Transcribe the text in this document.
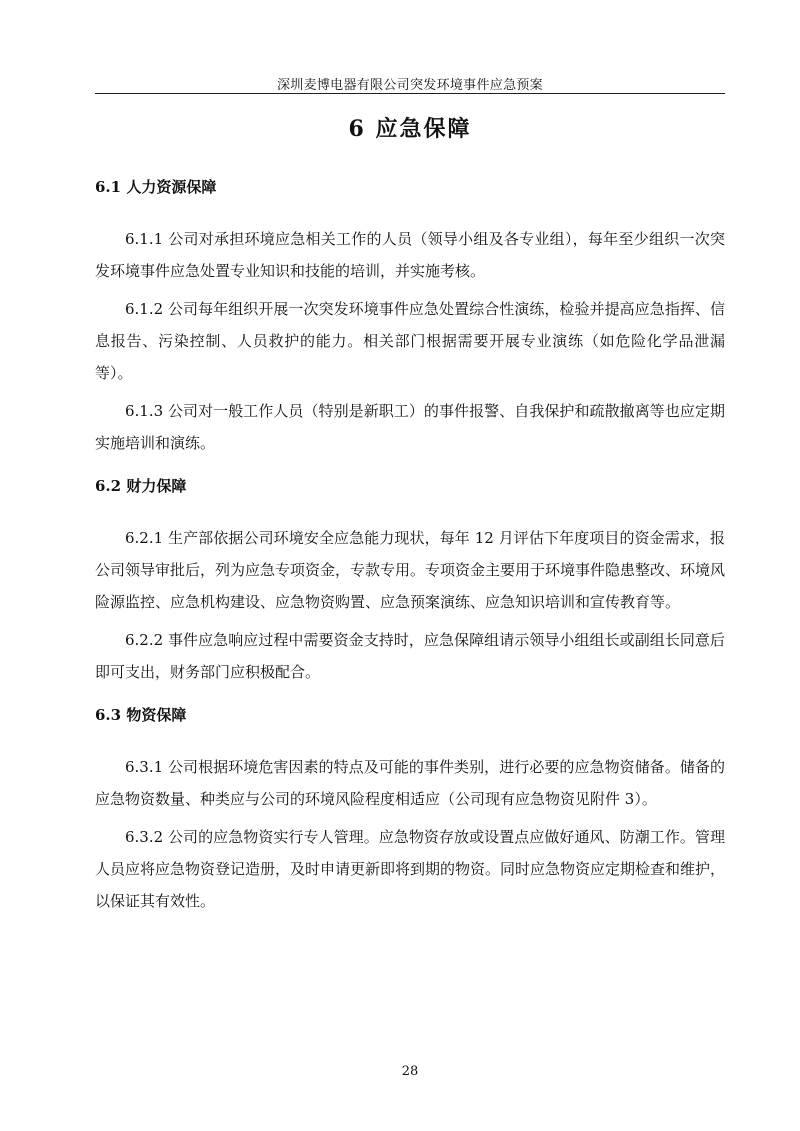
深圳麦博电器有限公司突发环境事件应急预案
6 应急保障
6.1 人力资源保障

6.1.1 公司对承担环境应急相关工作的人员（领导小组及各专业组），每年至少组织一次突发环境事件应急处置专业知识和技能的培训，并实施考核。

6.1.2 公司每年组织开展一次突发环境事件应急处置综合性演练，检验并提高应急指挥、信息报告、污染控制、人员救护的能力。相关部门根据需要开展专业演练（如危险化学品泄漏等）。

6.1.3 公司对一般工作人员（特别是新职工）的事件报警、自我保护和疏散撤离等也应定期实施培训和演练。

6.2 财力保障

6.2.1 生产部依据公司环境安全应急能力现状，每年 12 月评估下年度项目的资金需求，报公司领导审批后，列为应急专项资金，专款专用。专项资金主要用于环境事件隐患整改、环境风险源监控、应急机构建设、应急物资购置、应急预案演练、应急知识培训和宣传教育等。

6.2.2 事件应急响应过程中需要资金支持时，应急保障组请示领导小组组长或副组长同意后即可支出，财务部门应积极配合。

6.3 物资保障

6.3.1 公司根据环境危害因素的特点及可能的事件类别，进行必要的应急物资储备。储备的应急物资数量、种类应与公司的环境风险程度相适应（公司现有应急物资见附件 3）。

6.3.2 公司的应急物资实行专人管理。应急物资存放或设置点应做好通风、防潮工作。管理人员应将应急物资登记造册，及时申请更新即将到期的物资。同时应急物资应定期检查和维护，以保证其有效性。

28
